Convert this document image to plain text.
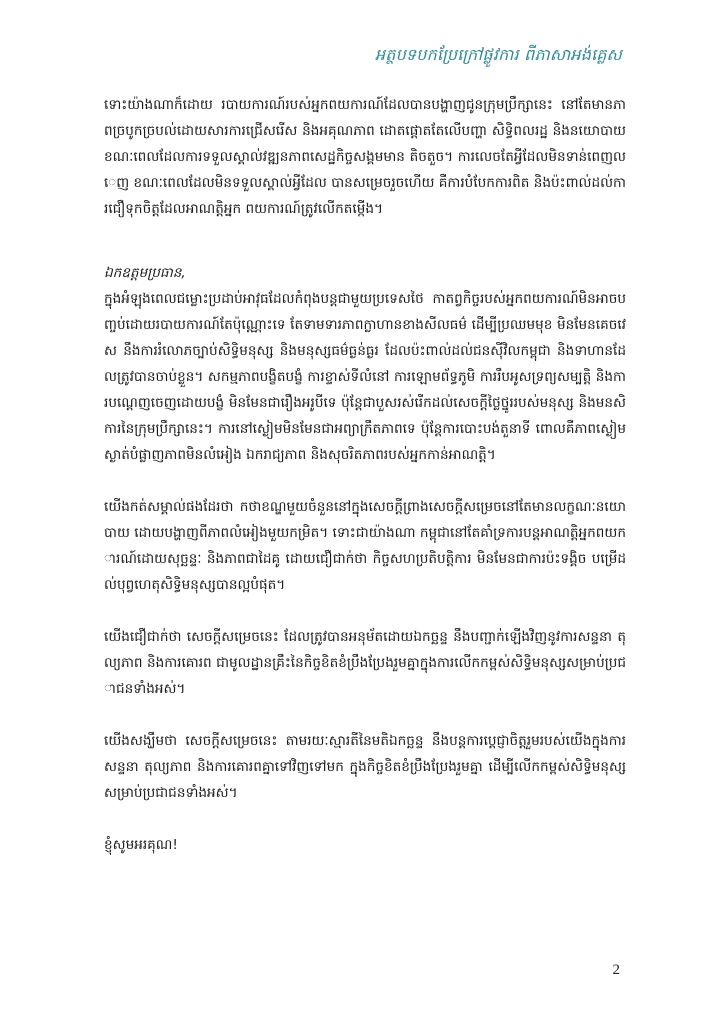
អត្ថបទបកប្រែក្រៅផ្លូវការ ពីភាសាអង់គ្លេស

ទោះយ៉ាងណាក៏ដោយ របាយការណ៍របស់អ្នកពយការណ៍ដែលបានបង្ហាញជូនក្រុមប្រឹក្សានេះ នៅតែមានភាពច្របូកច្របល់ដោយសារការជ្រើសរើស និងអគុណភាព ដោតផ្តោតតែលើបញ្ហា សិទ្ធិពលរដ្ឋ និងនយោបាយ ខណៈពេលដែលការទទួលស្គាល់វឌ្ឍនភាពសេដ្ឋកិច្ចសង្គមមាន តិចតួច។ ការលេចតែអ្វីដែលមិនទាន់ពេញលេញ ខណៈពេលដែលមិនទទួលស្គាល់អ្វីដែល បានសម្រេចរួចហើយ គឺការបំបែកការពិត និងប៉ះពាល់ដល់ការជឿទុកចិត្តដែលអាណត្តិអ្នក ពយការណ៍ត្រូវលើកតម្កើង។

ឯកឧត្តមប្រធាន,

ក្នុងអំឡុងពេលជម្លោះប្រដាប់អាវុធដែលកំពុងបន្តជាមួយប្រទេសថៃ កាតព្វកិច្ចរបស់អ្នកពយការណ៍មិនអាចបញ្ចប់ដោយរបាយការណ៍តែប៉ុណ្ណោះទេ តែទាមទារភាពក្លាហានខាងសីលធម៌ ដើម្បីប្រឈមមុខ មិនមែនគេចវេស នឹងការរំលោភច្បាប់សិទ្ធិមនុស្ស និងមនុស្សធម៌ធ្ងន់ធ្ងរ ដែលប៉ះពាល់ដល់ជនស៊ីវិលកម្ពុជា និងទាហានដែលត្រូវបានចាប់ខ្លួន។ សកម្មភាពបង្ខិតបង្ខំ ការខ្ទាស់ទីលំនៅ ការឡោមព័ទ្ធភូមិ ការរឹបអូសទ្រព្យសម្បត្តិ និងការបណ្តេញចេញដោយបង្ខំ មិនមែនជារឿងអរូបីទេ ប៉ុន្តែជាបួសរស់រើកដល់សេចក្តីថ្លៃថ្នូររបស់មនុស្ស និងមនសិការនៃក្រុមប្រឹក្សានេះ។ ការនៅស្ងៀមមិនមែនជាអព្យាក្រឹតភាពទេ ប៉ុន្តែការបោះបង់តួនាទី ពោលគឺភាពស្ងៀមស្ងាត់បំផ្លាញភាពមិនលំអៀង ឯករាជ្យភាព និងសុចរិតភាពរបស់អ្នកកាន់អាណត្តិ។

យើងកត់សម្គាល់ផងដែរថា កថាខណ្ឌមួយចំនួននៅក្នុងសេចក្តីព្រាងសេចក្តីសម្រេចនៅតែមានលក្ខណៈនយោបាយ ដោយបង្ហាញពីភាពលំអៀងមួយកម្រិត។ ទោះជាយ៉ាងណា កម្ពុជានៅតែគាំទ្រការបន្តអាណត្តិអ្នកពយការណ៍ដោយសុច្ឆន្ទៈ និងភាពជាដៃគូ ដោយជឿជាក់ថា កិច្ចសហប្រតិបត្តិការ មិនមែនជាការប៉ះទង្គិច បម្រើដល់បុព្វហេតុសិទ្ធិមនុស្សបានល្អបំផុត។

យើងជឿជាក់ថា សេចក្តីសម្រេចនេះ ដែលត្រូវបានអនុម័តដោយឯកច្ឆន្ទ នឹងបញ្ជាក់ឡើងវិញនូវការសន្ទនា តុល្យភាព និងការគោរព ជាមូលដ្ឋានគ្រឹះនៃកិច្ចខិតខំប្រឹងប្រែងរួមគ្នាក្នុងការលើកកម្ពស់សិទ្ធិមនុស្សសម្រាប់ប្រជាជនទាំងអស់។

យើងសង្ឃឹមថា សេចក្តីសម្រេចនេះ តាមរយៈស្មារតីនៃមតិឯកច្ឆន្ទ នឹងបន្តការប្តេជ្ញាចិត្តរួមរបស់យើងក្នុងការសន្ទនា តុល្យភាព និងការគោរពគ្នាទៅវិញទៅមក ក្នុងកិច្ចខិតខំប្រឹងប្រែងរួមគ្នា ដើម្បីលើកកម្ពស់សិទ្ធិមនុស្សសម្រាប់ប្រជាជនទាំងអស់។

ខ្ញុំសូមអរគុណ!

2
